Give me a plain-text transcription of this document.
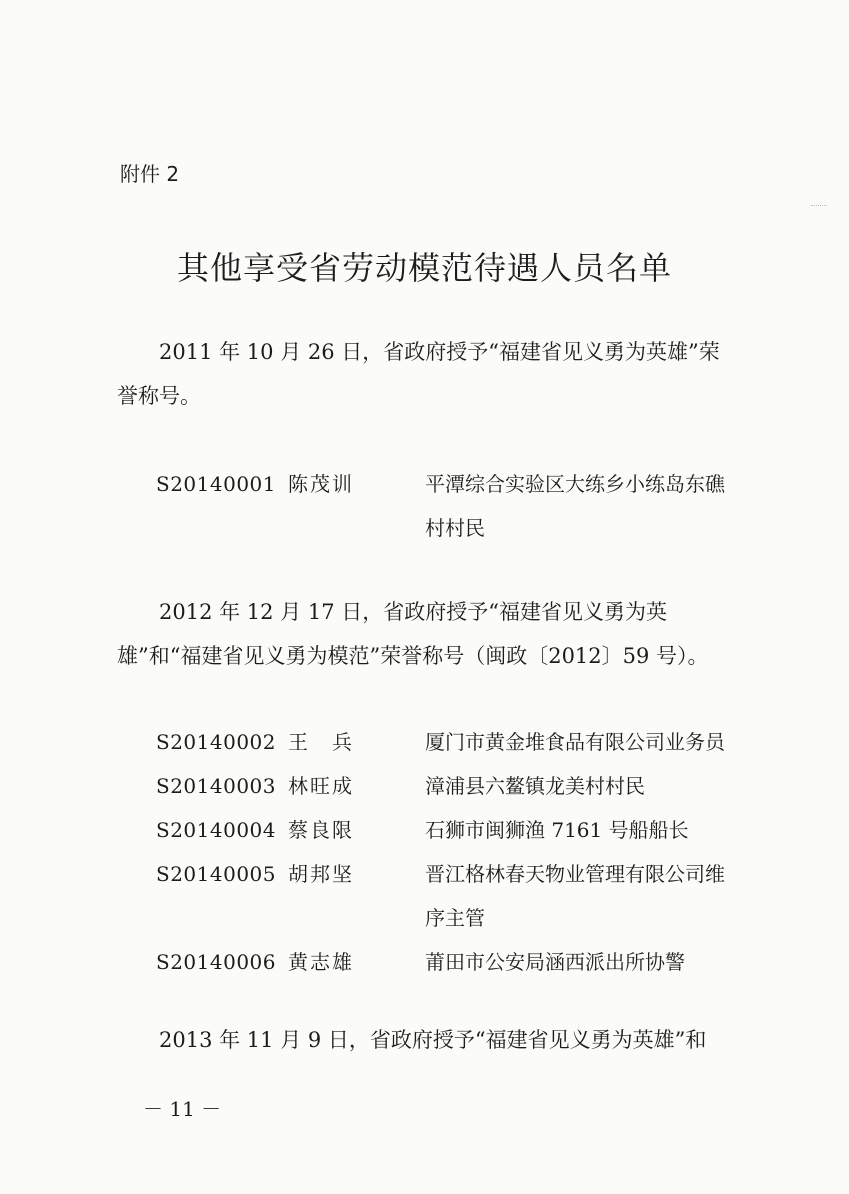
附件 2
其他享受省劳动模范待遇人员名单
2011 年 10 月 26 日，省政府授予“福建省见义勇为英雄”荣誉称号。
S20140001 陈茂训	平潭综合实验区大练乡小练岛东礁村村民
2012 年 12 月 17 日，省政府授予“福建省见义勇为英雄”和“福建省见义勇为模范”荣誉称号（闽政〔2012〕59 号）。
S20140002 王　兵	厦门市黄金堆食品有限公司业务员
S20140003 林旺成	漳浦县六鳌镇龙美村村民
S20140004 蔡良限	石狮市闽狮渔 7161 号船船长
S20140005 胡邦坚	晋江格林春天物业管理有限公司维序主管
S20140006 黄志雄	莆田市公安局涵西派出所协警
2013 年 11 月 9 日，省政府授予“福建省见义勇为英雄”和
－ 11 －
